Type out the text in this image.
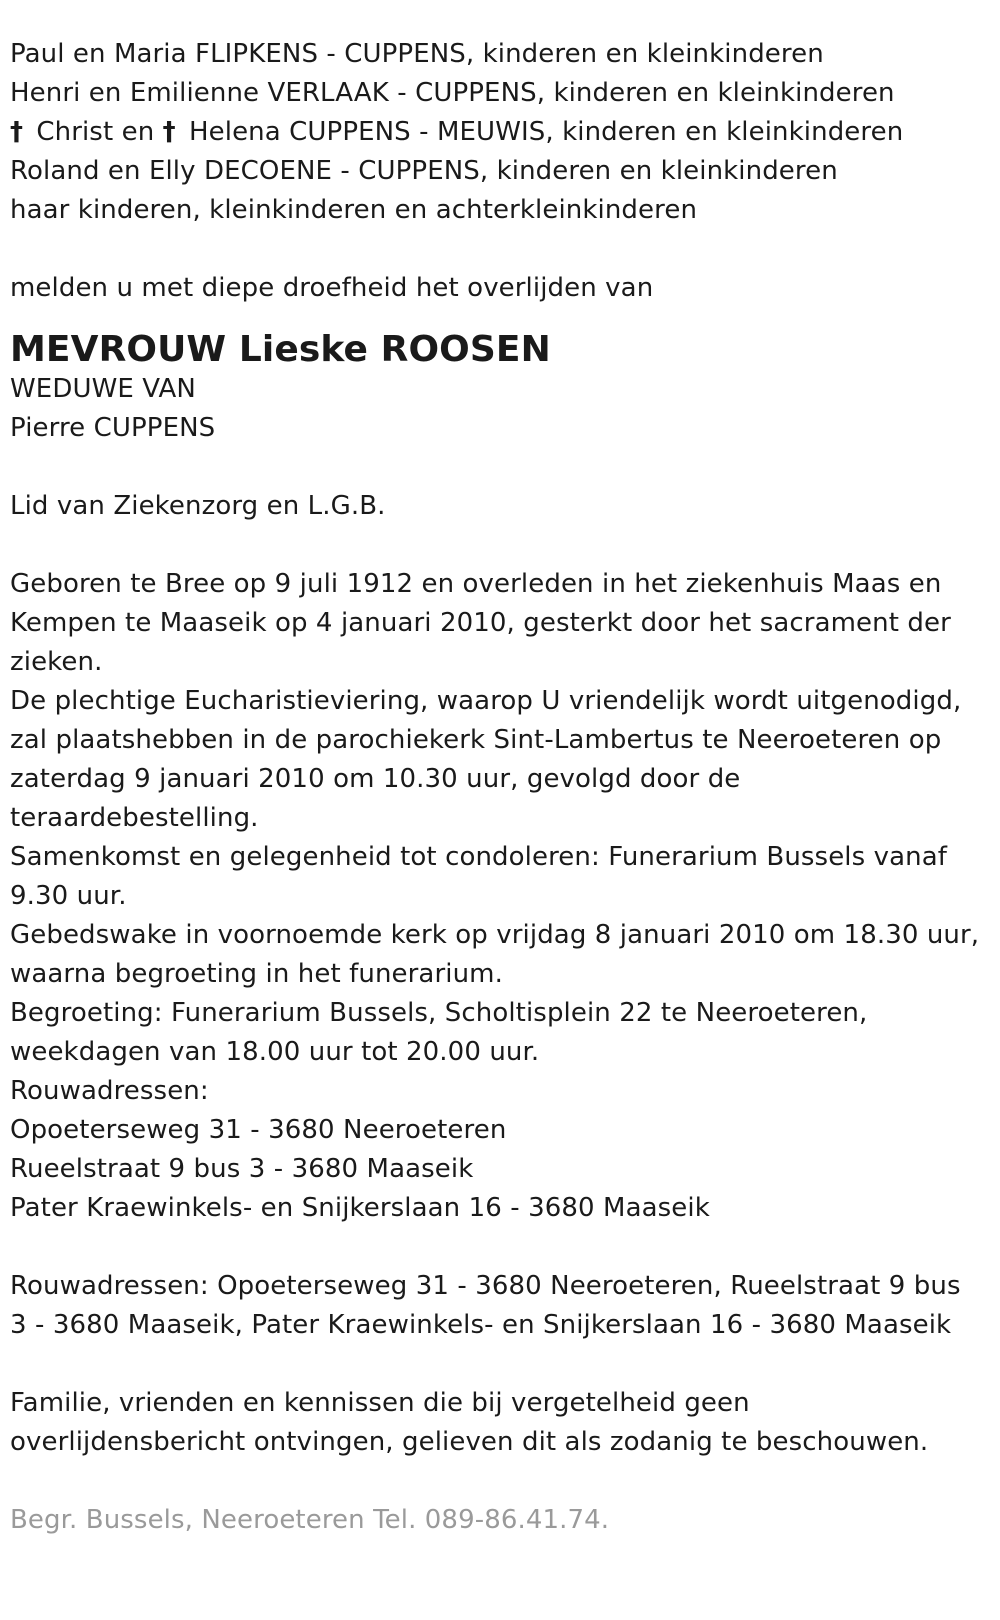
Paul en Maria FLIPKENS - CUPPENS, kinderen en kleinkinderen
Henri en Emilienne VERLAAK - CUPPENS, kinderen en kleinkinderen
† Christ en † Helena CUPPENS - MEUWIS, kinderen en kleinkinderen
Roland en Elly DECOENE - CUPPENS, kinderen en kleinkinderen
haar kinderen, kleinkinderen en achterkleinkinderen
melden u met diepe droefheid het overlijden van
MEVROUW Lieske ROOSEN
WEDUWE VAN
Pierre CUPPENS
Lid van Ziekenzorg en L.G.B.
Geboren te Bree op 9 juli 1912 en overleden in het ziekenhuis Maas en
Kempen te Maaseik op 4 januari 2010, gesterkt door het sacrament der
zieken.
De plechtige Eucharistieviering, waarop U vriendelijk wordt uitgenodigd,
zal plaatshebben in de parochiekerk Sint-Lambertus te Neeroeteren op
zaterdag 9 januari 2010 om 10.30 uur, gevolgd door de
teraardebestelling.
Samenkomst en gelegenheid tot condoleren: Funerarium Bussels vanaf
9.30 uur.
Gebedswake in voornoemde kerk op vrijdag 8 januari 2010 om 18.30 uur,
waarna begroeting in het funerarium.
Begroeting: Funerarium Bussels, Scholtisplein 22 te Neeroeteren,
weekdagen van 18.00 uur tot 20.00 uur.
Rouwadressen:
Opoeterseweg 31 - 3680 Neeroeteren
Rueelstraat 9 bus 3 - 3680 Maaseik
Pater Kraewinkels- en Snijkerslaan 16 - 3680 Maaseik
Rouwadressen: Opoeterseweg 31 - 3680 Neeroeteren, Rueelstraat 9 bus
3 - 3680 Maaseik, Pater Kraewinkels- en Snijkerslaan 16 - 3680 Maaseik
Familie, vrienden en kennissen die bij vergetelheid geen
overlijdensbericht ontvingen, gelieven dit als zodanig te beschouwen.
Begr. Bussels, Neeroeteren Tel. 089-86.41.74.
